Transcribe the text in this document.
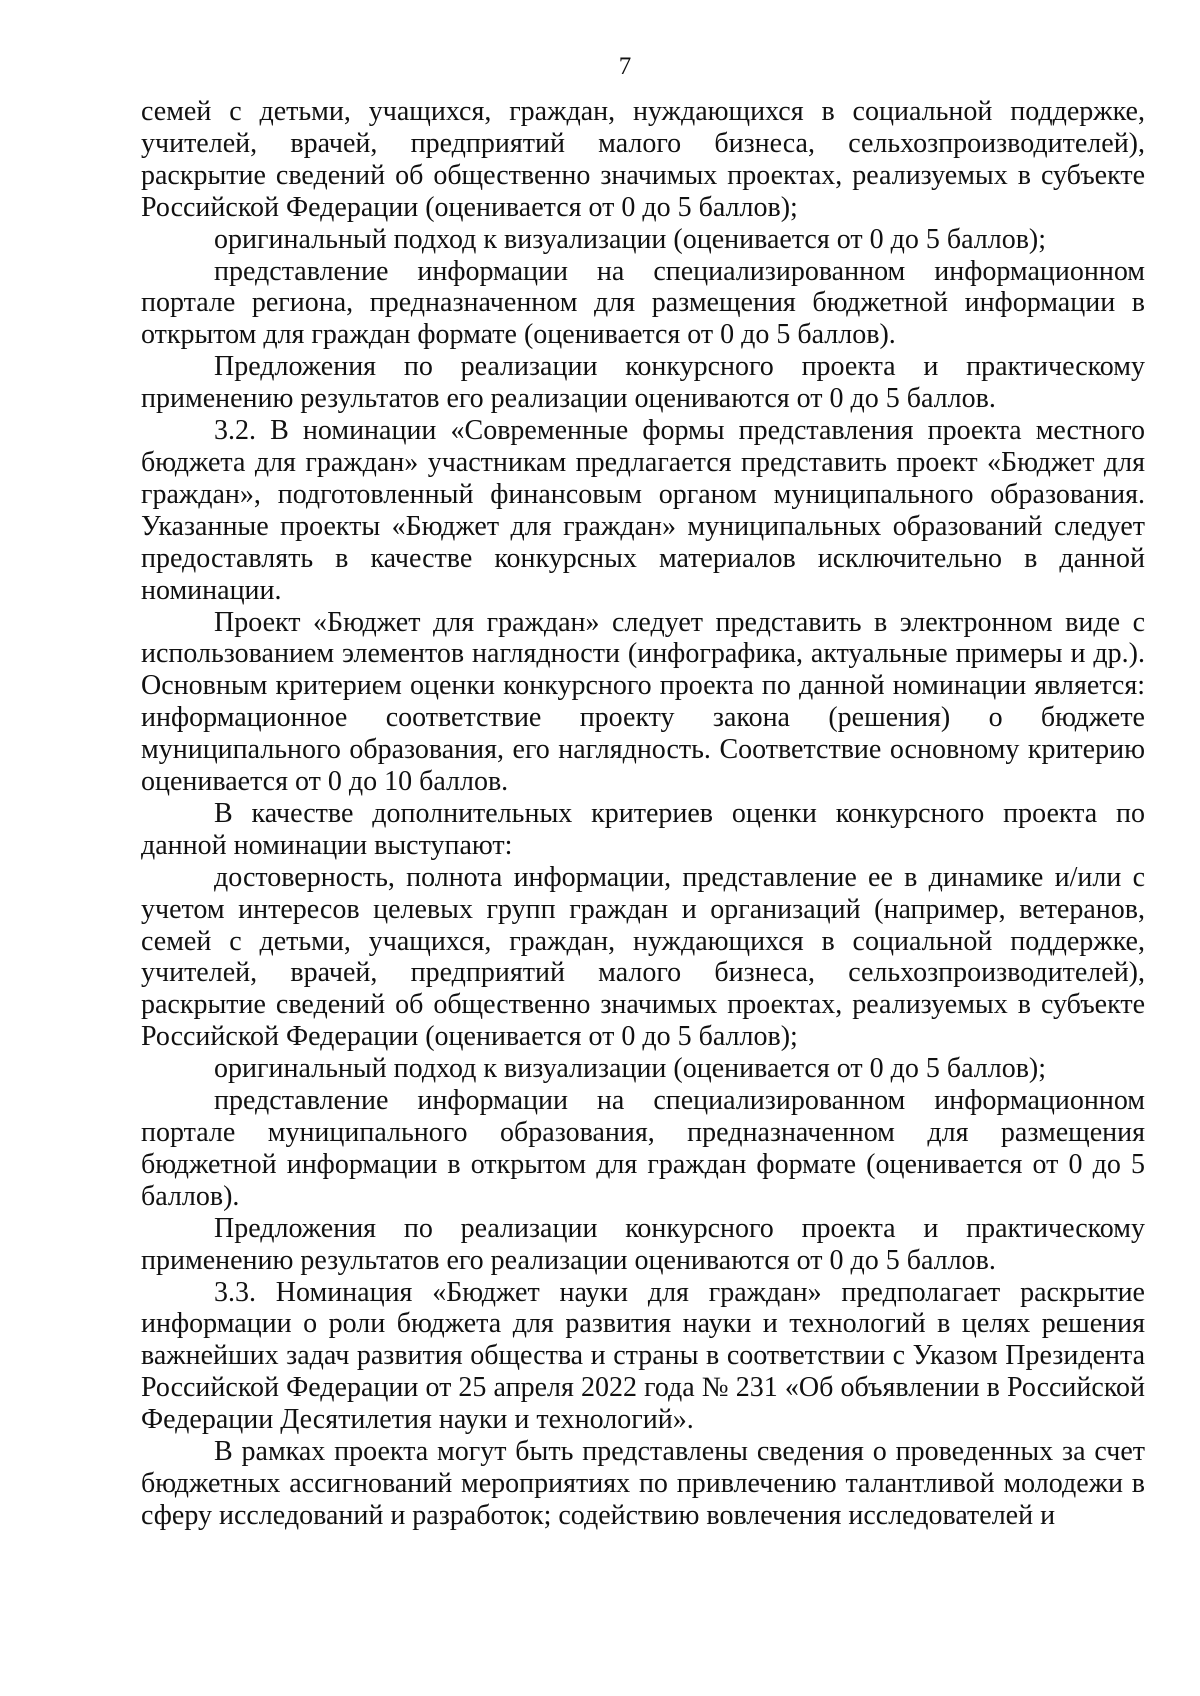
7

семей с детьми, учащихся, граждан, нуждающихся в социальной поддержке, учителей, врачей, предприятий малого бизнеса, сельхозпроизводителей), раскрытие сведений об общественно значимых проектах, реализуемых в субъекте Российской Федерации (оценивается от 0 до 5 баллов);

оригинальный подход к визуализации (оценивается от 0 до 5 баллов);

представление информации на специализированном информационном портале региона, предназначенном для размещения бюджетной информации в открытом для граждан формате (оценивается от 0 до 5 баллов).

Предложения по реализации конкурсного проекта и практическому применению результатов его реализации оцениваются от 0 до 5 баллов.

3.2. В номинации «Современные формы представления проекта местного бюджета для граждан» участникам предлагается представить проект «Бюджет для граждан», подготовленный финансовым органом муниципального образования. Указанные проекты «Бюджет для граждан» муниципальных образований следует предоставлять в качестве конкурсных материалов исключительно в данной номинации.

Проект «Бюджет для граждан» следует представить в электронном виде с использованием элементов наглядности (инфографика, актуальные примеры и др.). Основным критерием оценки конкурсного проекта по данной номинации является: информационное соответствие проекту закона (решения) о бюджете муниципального образования, его наглядность. Соответствие основному критерию оценивается от 0 до 10 баллов.

В качестве дополнительных критериев оценки конкурсного проекта по данной номинации выступают:

достоверность, полнота информации, представление ее в динамике и/или с учетом интересов целевых групп граждан и организаций (например, ветеранов, семей с детьми, учащихся, граждан, нуждающихся в социальной поддержке, учителей, врачей, предприятий малого бизнеса, сельхозпроизводителей), раскрытие сведений об общественно значимых проектах, реализуемых в субъекте Российской Федерации (оценивается от 0 до 5 баллов);

оригинальный подход к визуализации (оценивается от 0 до 5 баллов);

представление информации на специализированном информационном портале муниципального образования, предназначенном для размещения бюджетной информации в открытом для граждан формате (оценивается от 0 до 5 баллов).

Предложения по реализации конкурсного проекта и практическому применению результатов его реализации оцениваются от 0 до 5 баллов.

3.3. Номинация «Бюджет науки для граждан» предполагает раскрытие информации о роли бюджета для развития науки и технологий в целях решения важнейших задач развития общества и страны в соответствии с Указом Президента Российской Федерации от 25 апреля 2022 года № 231 «Об объявлении в Российской Федерации Десятилетия науки и технологий».

В рамках проекта могут быть представлены сведения о проведенных за счет бюджетных ассигнований мероприятиях по привлечению талантливой молодежи в сферу исследований и разработок; содействию вовлечения исследователей и
